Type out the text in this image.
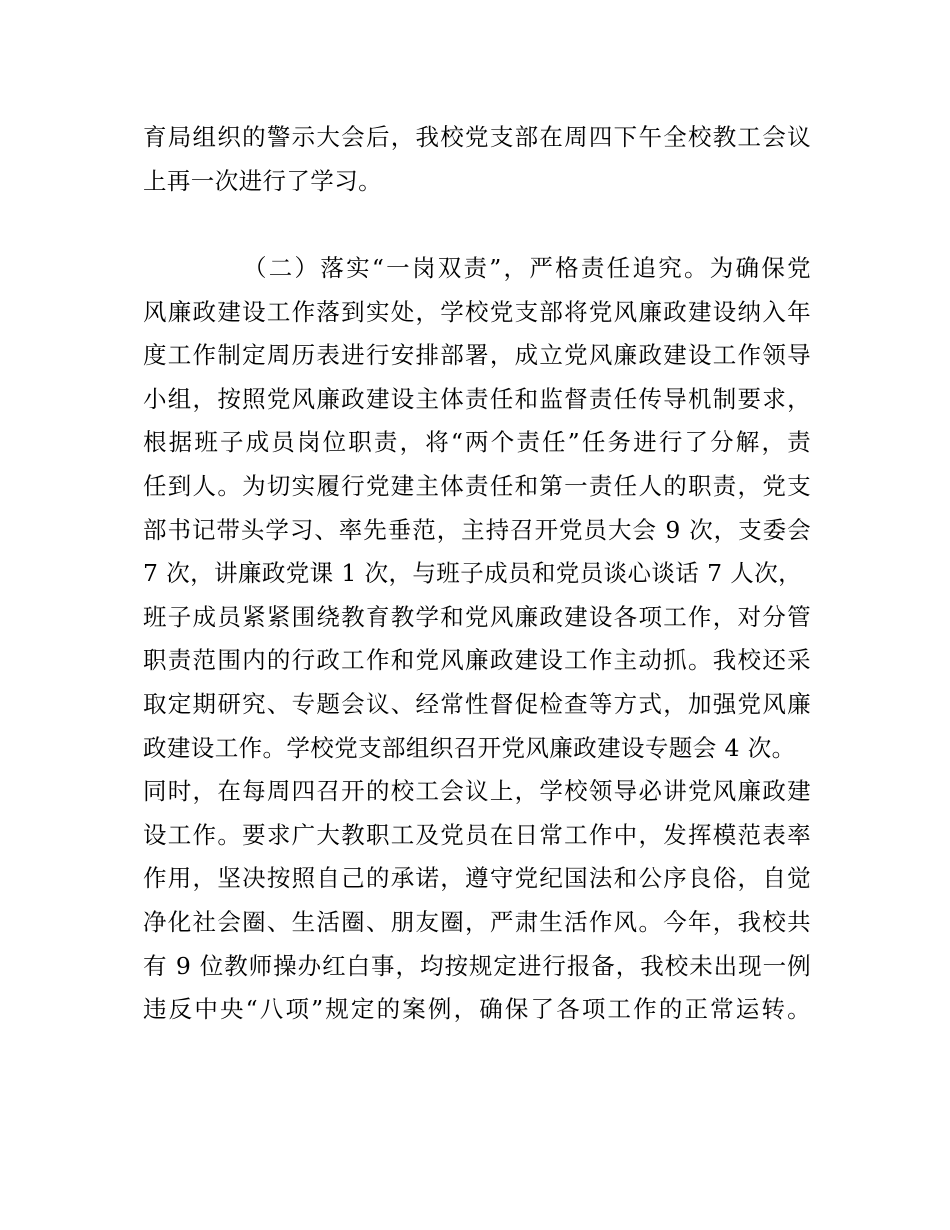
育局组织的警示大会后，我校党支部在周四下午全校教工会议
上再一次进行了学习。
（二）落实“一岗双责”，严格责任追究。为确保党
风廉政建设工作落到实处，学校党支部将党风廉政建设纳入年
度工作制定周历表进行安排部署，成立党风廉政建设工作领导
小组，按照党风廉政建设主体责任和监督责任传导机制要求，
根据班子成员岗位职责，将“两个责任”任务进行了分解，责
任到人。为切实履行党建主体责任和第一责任人的职责，党支
部书记带头学习、率先垂范，主持召开党员大会 9 次，支委会
7 次，讲廉政党课 1 次，与班子成员和党员谈心谈话 7 人次，
班子成员紧紧围绕教育教学和党风廉政建设各项工作，对分管
职责范围内的行政工作和党风廉政建设工作主动抓。我校还采
取定期研究、专题会议、经常性督促检查等方式，加强党风廉
政建设工作。学校党支部组织召开党风廉政建设专题会 4 次。
同时，在每周四召开的校工会议上，学校领导必讲党风廉政建
设工作。要求广大教职工及党员在日常工作中，发挥模范表率
作用，坚决按照自己的承诺，遵守党纪国法和公序良俗，自觉
净化社会圈、生活圈、朋友圈，严肃生活作风。今年，我校共
有 9 位教师操办红白事，均按规定进行报备，我校未出现一例
违反中央“八项”规定的案例，确保了各项工作的正常运转。
